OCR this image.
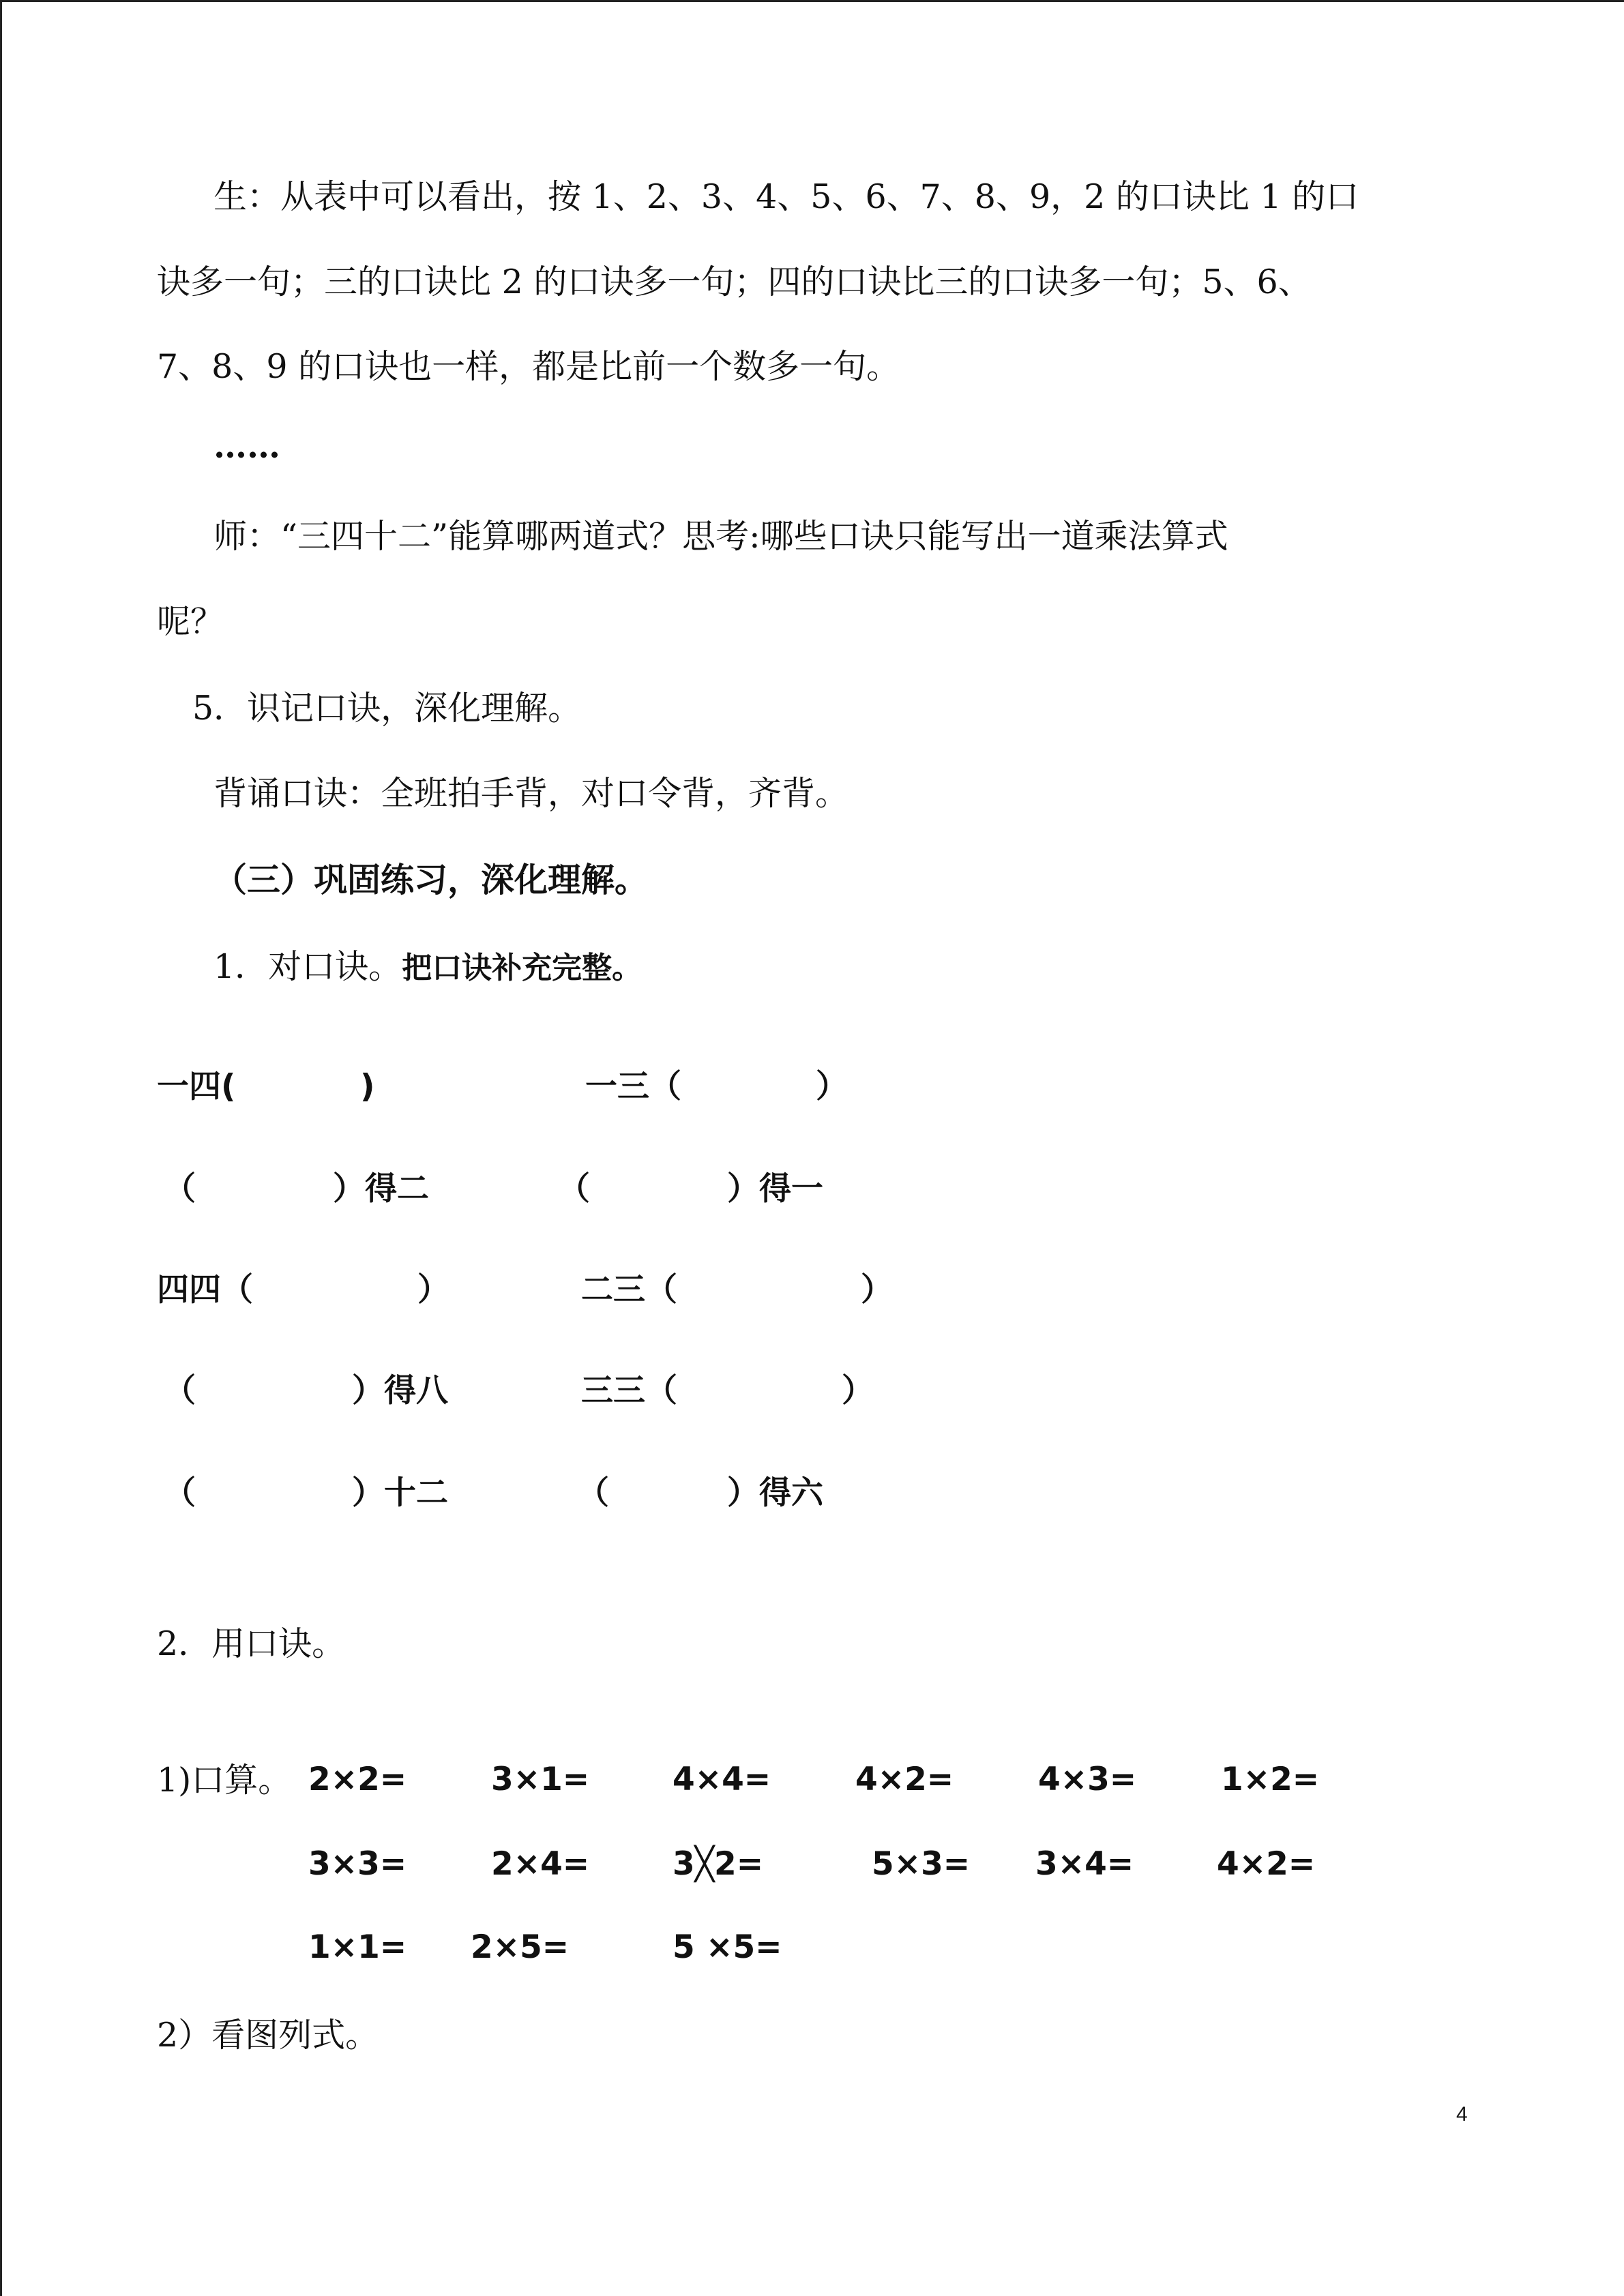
生：从表中可以看出，按 1、2、3、4、5、6、7、8、9，2 的口诀比 1 的口
诀多一句；三的口诀比 2 的口诀多一句；四的口诀比三的口诀多一句；5、6、
7、8、9 的口诀也一样，都是比前一个数多一句。
……
师：“三四十二”能算哪两道式？思考:哪些口诀只能写出一道乘法算式
呢？
5．识记口诀，深化理解。
背诵口诀：全班拍手背，对口令背，齐背。
（三）巩固练习，深化理解。
1．对口诀。把口诀补充完整。
一四(	)	一三（	）
（	）得二	（	）得一
四四（	）	二三（	）
（	）得八	三三（	）
（	）十二	（	）得六
2．用口诀。
1)口算。 2×2=	3×1=	4×4=	4×2=	4×3=	1×2=
3×3=	2×4=	3╳2=	5×3= 3×4=	4×2=
1×1= 2×5=	5 ×5=
2）看图列式。
4
